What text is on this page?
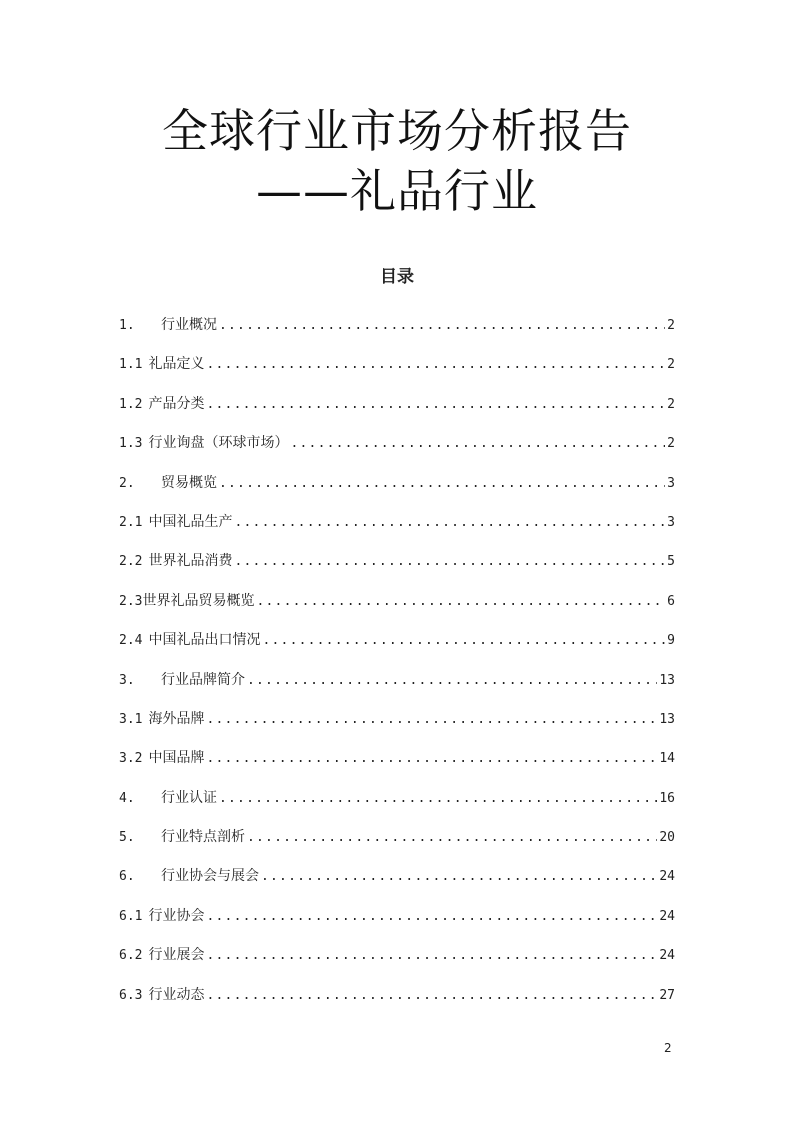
全球行业市场分析报告
——礼品行业
目录
1.	行业概况 .....	2
1.1 礼品定义 .....	2
1.2 产品分类 .....	2
1.3 行业询盘（环球市场） .....	2
2.	贸易概览 .....	3
2.1 中国礼品生产 .....	3
2.2 世界礼品消费 .....	5
2.3 世界礼品贸易概览 .....	6
2.4 中国礼品出口情况 .....	9
3.	行业品牌简介 .....	13
3.1 海外品牌 .....	13
3.2 中国品牌 .....	14
4.	行业认证 .....	16
5.	行业特点剖析 .....	20
6.	行业协会与展会 .....	24
6.1 行业协会 .....	24
6.2 行业展会 .....	24
6.3 行业动态 .....	27
2
